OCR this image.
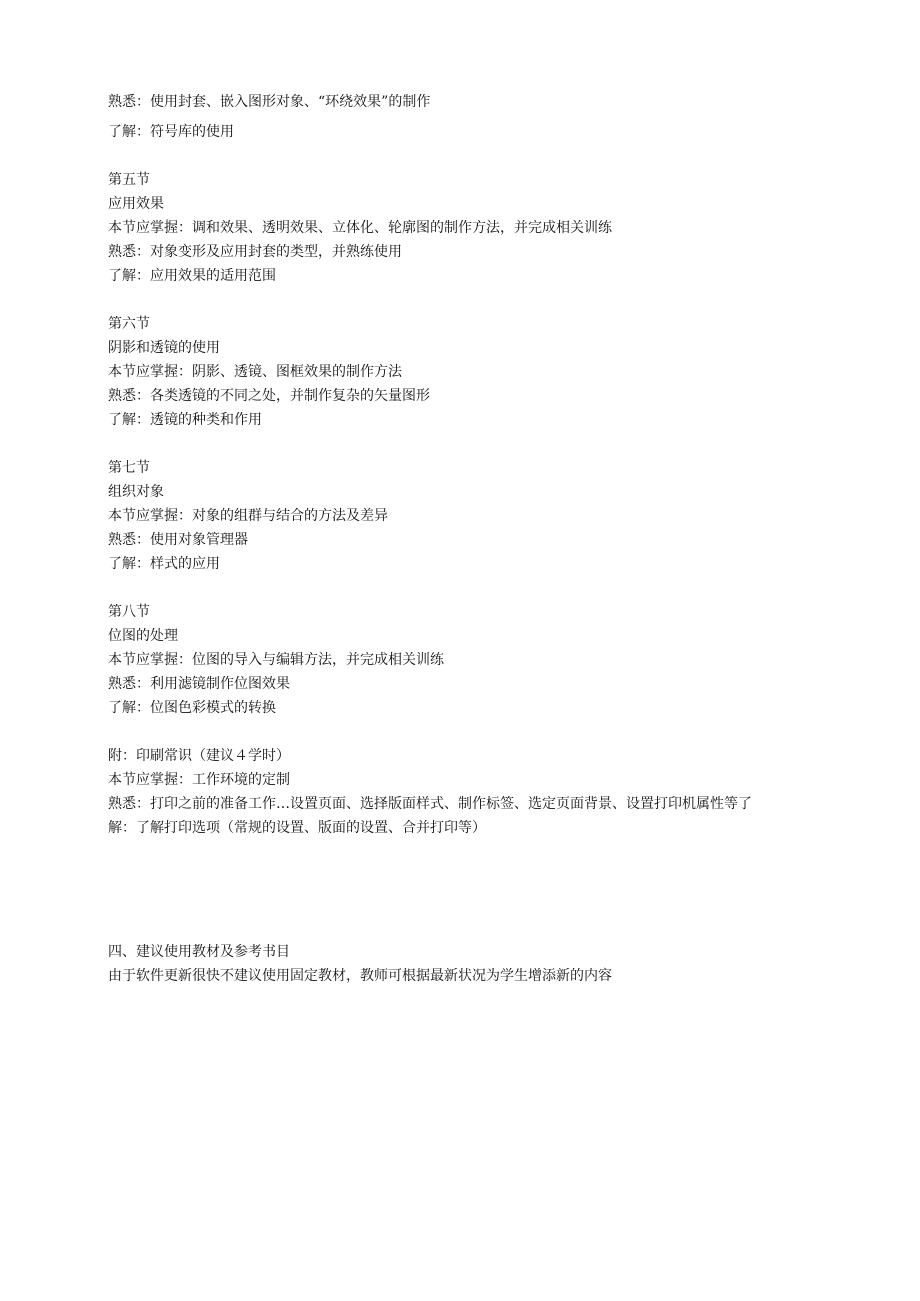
熟悉：使用封套、嵌入图形对象、“环绕效果”的制作

了解：符号库的使用

第五节

应用效果

本节应掌握：调和效果、透明效果、立体化、轮廓图的制作方法，并完成相关训练

熟悉：对象变形及应用封套的类型，并熟练使用

了解：应用效果的适用范围

第六节

阴影和透镜的使用

本节应掌握：阴影、透镜、图框效果的制作方法

熟悉：各类透镜的不同之处，并制作复杂的矢量图形

了解：透镜的种类和作用

第七节

组织对象

本节应掌握：对象的组群与结合的方法及差异

熟悉：使用对象管理器

了解：样式的应用

第八节

位图的处理

本节应掌握：位图的导入与编辑方法，并完成相关训练

熟悉：利用滤镜制作位图效果

了解：位图色彩模式的转换

附：印刷常识（建议４学时）

本节应掌握：工作环境的定制

熟悉：打印之前的准备工作…设置页面、选择版面样式、制作标签、选定页面背景、设置打印机属性等了

解：了解打印选项（常规的设置、版面的设置、合并打印等）

四、建议使用教材及参考书目

由于软件更新很快不建议使用固定教材，教师可根据最新状况为学生增添新的内容
